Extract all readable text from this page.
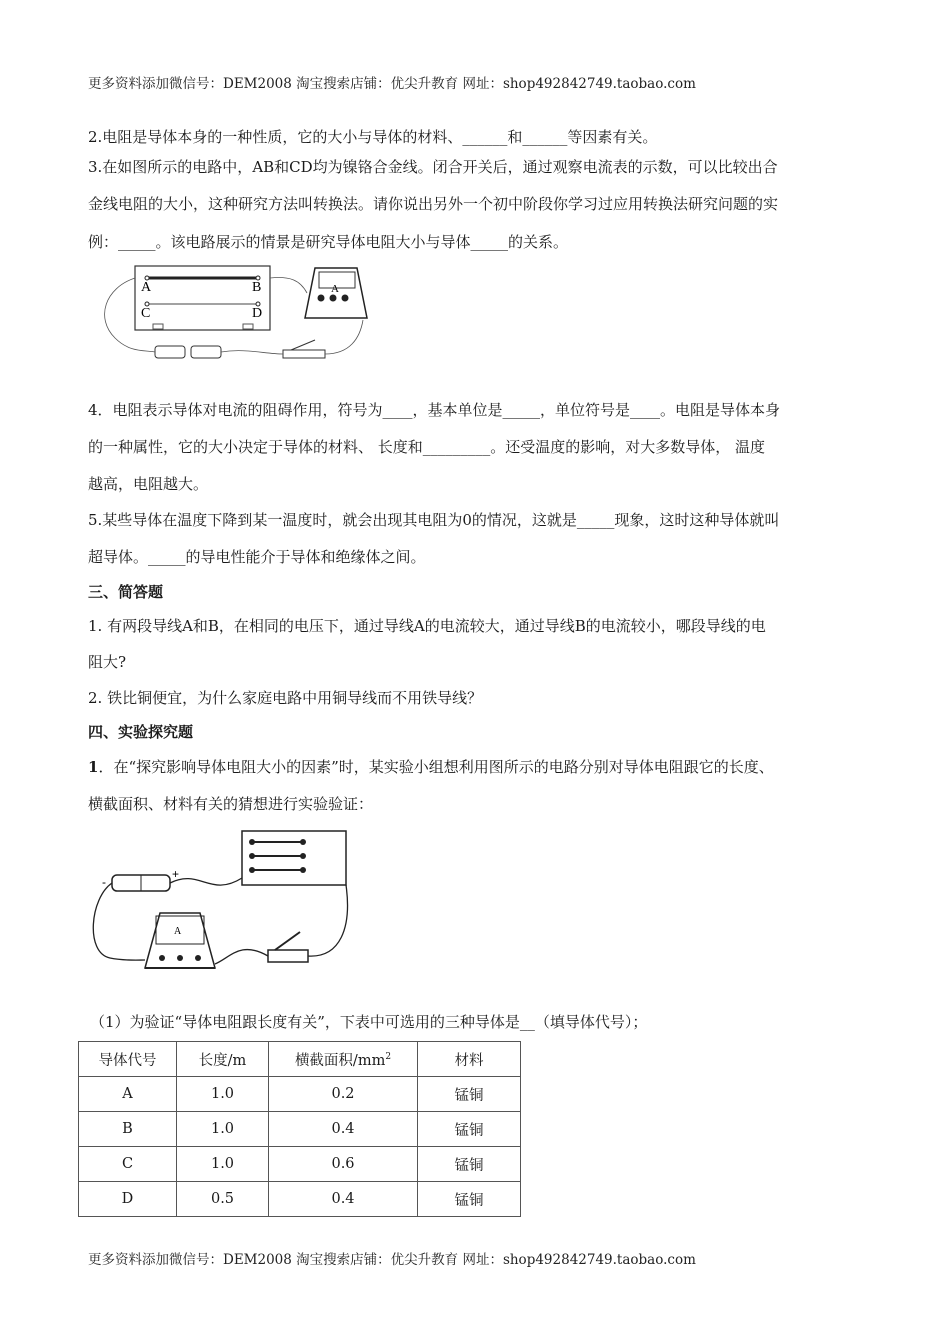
更多资料添加微信号：DEM2008 淘宝搜索店铺：优尖升教育 网址：shop492842749.taobao.com
2.电阻是导体本身的一种性质，它的大小与导体的材料、______和______等因素有关。
3.在如图所示的电路中，AB和CD均为镍铬合金线。闭合开关后，通过观察电流表的示数，可以比较出合
金线电阻的大小，这种研究方法叫转换法。请你说出另外一个初中阶段你学习过应用转换法研究问题的实
例：_____。该电路展示的情景是研究导体电阻大小与导体_____的关系。
A	B
C	D
A
4．电阻表示导体对电流的阻碍作用，符号为____，基本单位是_____，单位符号是____。电阻是导体本身
的一种属性，它的大小决定于导体的材料、 长度和_________。还受温度的影响，对大多数导体， 温度
越高，电阻越大。
5.某些导体在温度下降到某一温度时，就会出现其电阻为0的情况，这就是_____现象，这时这种导体就叫
超导体。_____的导电性能介于导体和绝缘体之间。
三、简答题
1. 有两段导线A和B，在相同的电压下，通过导线A的电流较大，通过导线B的电流较小，哪段导线的电
阻大?
2. 铁比铜便宜，为什么家庭电路中用铜导线而不用铁导线？
四、实验探究题
1．在“探究影响导体电阻大小的因素”时，某实验小组想利用图所示的电路分别对导体电阻跟它的长度、
横截面积、材料有关的猜想进行实验验证：
-
+
A
（1）为验证“导体电阻跟长度有关”，下表中可选用的三种导体是__（填导体代号）；
导体代号	长度/m	横截面积$/mm^2$	材料
A	1.0	0.2	锰铜
B	1.0	0.4	锰铜
C	1.0	0.6	锰铜
D	0.5	0.4	锰铜
更多资料添加微信号：DEM2008 淘宝搜索店铺：优尖升教育 网址：shop492842749.taobao.com
